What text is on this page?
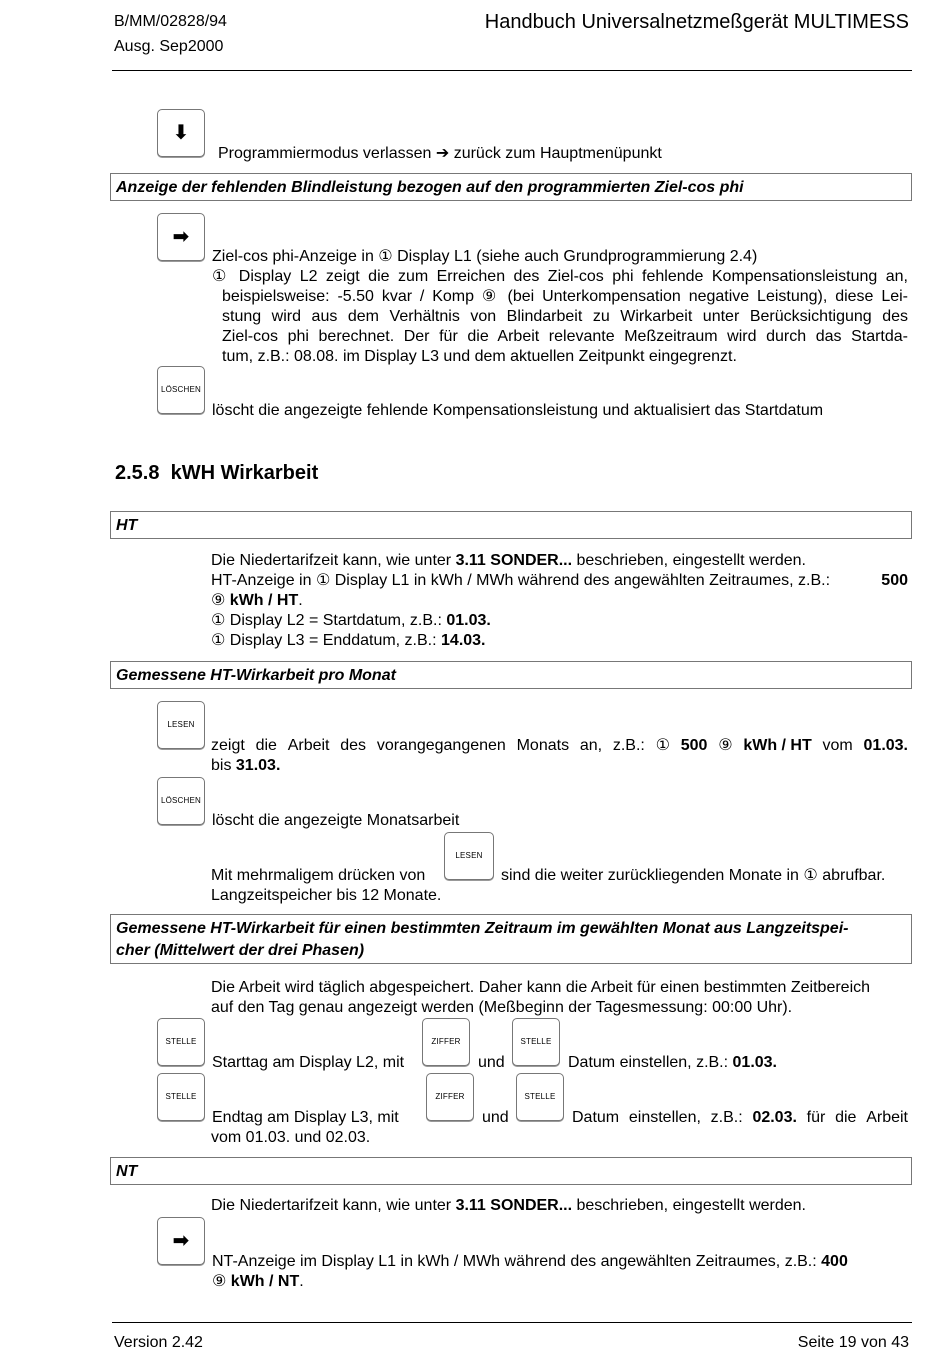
B/MM/02828/94
Ausg. Sep2000
Handbuch Universalnetzmeßgerät MULTIMESS
⬇
Programmiermodus verlassen ➔ zurück zum Hauptmenüpunkt
Anzeige der fehlenden Blindleistung bezogen auf den programmierten Ziel-cos phi
➡
Ziel-cos phi-Anzeige in ① Display L1 (siehe auch Grundprogrammierung 2.4)
① Display L2 zeigt die zum Erreichen des Ziel-cos phi fehlende Kompensationsleistung an,
beispielsweise: -5.50 kvar / Komp ⑨ (bei Unterkompensation negative Leistung), diese Lei-
stung wird aus dem Verhältnis von Blindarbeit zu Wirkarbeit unter Berücksichtigung des
Ziel-cos phi berechnet. Der für die Arbeit relevante Meßzeitraum wird durch das Startda-
tum, z.B.: 08.08. im Display L3 und dem aktuellen Zeitpunkt eingegrenzt.
LÖSCHEN
löscht die angezeigte fehlende Kompensationsleistung und aktualisiert das Startdatum
2.5.8 kWH Wirkarbeit
HT
Die Niedertarifzeit kann, wie unter 3.11 SONDER... beschrieben, eingestellt werden.
HT-Anzeige in ① Display L1 in kWh / MWh während des angewählten Zeitraumes, z.B.:	500
⑨ kWh / HT.
① Display L2 = Startdatum, z.B.: 01.03.
① Display L3 = Enddatum, z.B.: 14.03.
Gemessene HT-Wirkarbeit pro Monat
LESEN
zeigt die Arbeit des vorangegangenen Monats an, z.B.: ① 500 ⑨ kWh / HT vom 01.03.
bis 31.03.
LÖSCHEN
löscht die angezeigte Monatsarbeit
Mit mehrmaligem drücken von
LESEN
sind die weiter zurückliegenden Monate in ① abrufbar.
Langzeitspeicher bis 12 Monate.
Gemessene HT-Wirkarbeit für einen bestimmten Zeitraum im gewählten Monat aus Langzeitspei-
cher (Mittelwert der drei Phasen)
Die Arbeit wird täglich abgespeichert. Daher kann die Arbeit für einen bestimmten Zeitbereich
auf den Tag genau angezeigt werden (Meßbeginn der Tagesmessung: 00:00 Uhr).
STELLE
Starttag am Display L2, mit
ZIFFER
und
STELLE
Datum einstellen, z.B.: 01.03.
STELLE
Endtag am Display L3, mit
ZIFFER
und
STELLE
Datum einstellen, z.B.: 02.03. für die Arbeit
vom 01.03. und 02.03.
NT
Die Niedertarifzeit kann, wie unter 3.11 SONDER... beschrieben, eingestellt werden.
➡
NT-Anzeige im Display L1 in kWh / MWh während des angewählten Zeitraumes, z.B.: 400
⑨ kWh / NT.
Version 2.42	Seite 19 von 43
